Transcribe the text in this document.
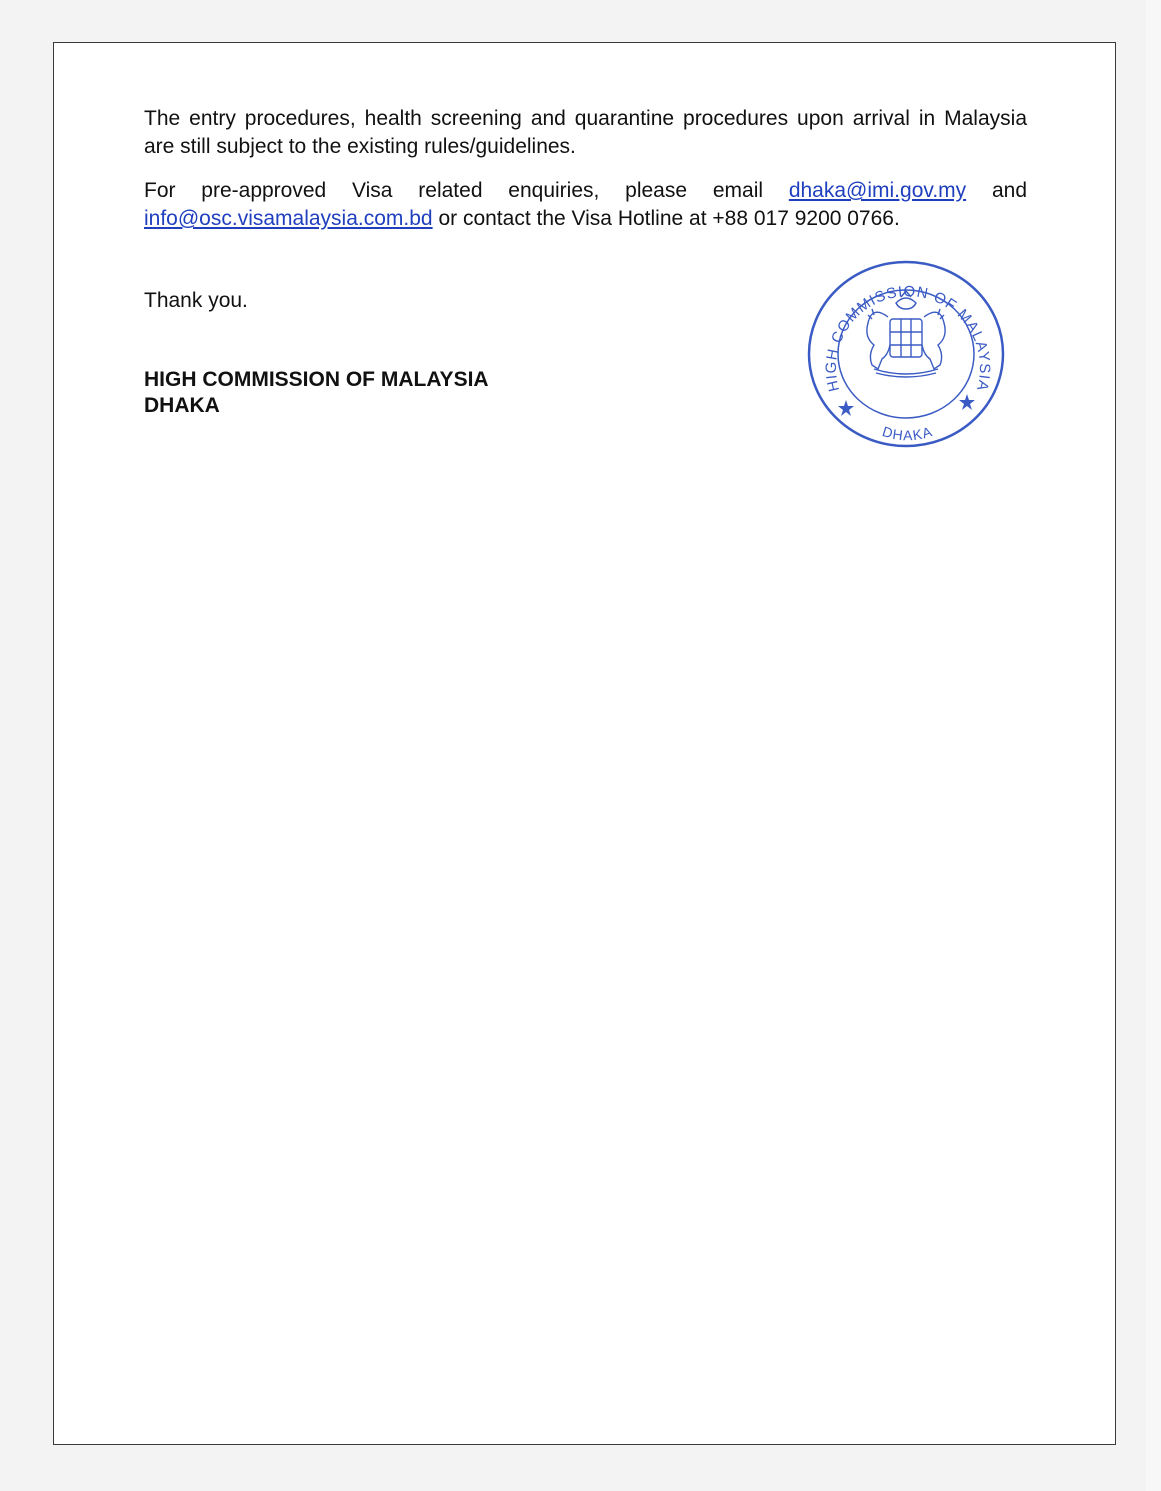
The entry procedures, health screening and quarantine procedures upon arrival in Malaysia are still subject to the existing rules/guidelines.

For pre-approved Visa related enquiries, please email dhaka@imi.gov.my and info@osc.visamalaysia.com.bd or contact the Visa Hotline at +88 017 9200 0766.

Thank you.

HIGH COMMISSION OF MALAYSIA
DHAKA
HIGH COMMISSION OF MALAYSIA
DHAKA
